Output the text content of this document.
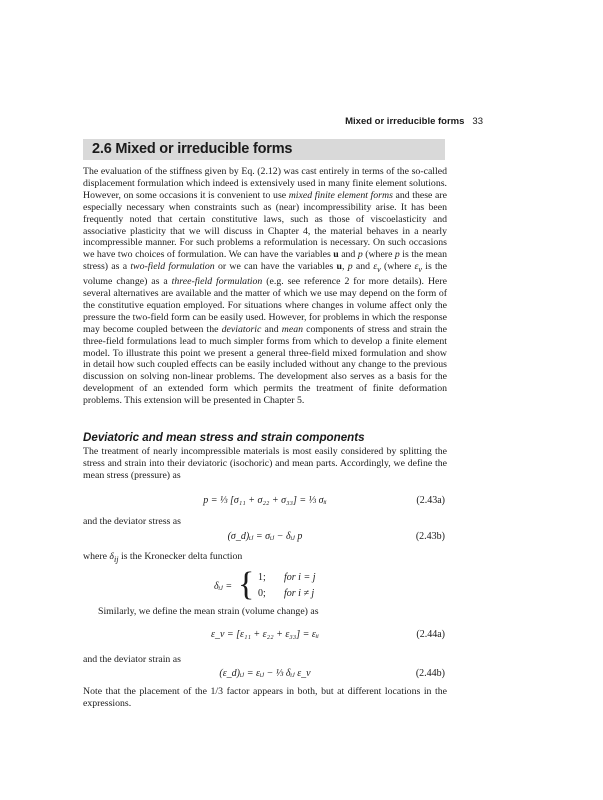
Mixed or irreducible forms 33
2.6 Mixed or irreducible forms

The evaluation of the stiffness given by Eq. (2.12) was cast entirely in terms of the so-called displacement formulation which indeed is extensively used in many finite element solutions. However, on some occasions it is convenient to use mixed finite element forms and these are especially necessary when constraints such as (near) incompressibility arise. It has been frequently noted that certain constitutive laws, such as those of viscoelasticity and associative plasticity that we will discuss in Chapter 4, the material behaves in a nearly incompressible manner. For such problems a reformulation is necessary. On such occasions we have two choices of formulation. We can have the variables u and p (where p is the mean stress) as a two-field formulation or we can have the variables u, p and $\varepsilon_v$ (where $\varepsilon_v$ is the volume change) as a three-field formulation (e.g. see reference 2 for more details). Here several alternatives are available and the matter of which we use may depend on the form of the constitutive equation employed. For situations where changes in volume affect only the pressure the two-field form can be easily used. However, for problems in which the response may become coupled between the deviatoric and mean components of stress and strain the three-field formulations lead to much simpler forms from which to develop a finite element model. To illustrate this point we present a general three-field mixed formulation and show in detail how such coupled effects can be easily included without any change to the previous discussion on solving non-linear problems. The development also serves as a basis for the development of an extended form which permits the treatment of finite deformation problems. This extension will be presented in Chapter 5.

Deviatoric and mean stress and strain components

The treatment of nearly incompressible materials is most easily considered by splitting the stress and strain into their deviatoric (isochoric) and mean parts. Accordingly, we define the mean stress (pressure) as

p = ⅓ [σ₁₁ + σ₂₂ + σ₃₃] = ⅓ σᵢᵢ	(2.43a)
and the deviator stress as
(σ_d)ᵢⱼ = σᵢⱼ − δᵢⱼ p	(2.43b)
where $\delta_{ij}$ is the Kronecker delta function
δᵢⱼ = { 1; for i = j
0; for i ≠ j
Similarly, we define the mean strain (volume change) as
ε_v = [ε₁₁ + ε₂₂ + ε₃₃] = εᵢᵢ	(2.44a)
and the deviator strain as
(ε_d)ᵢⱼ = εᵢⱼ − ⅓ δᵢⱼ ε_v	(2.44b)

Note that the placement of the 1/3 factor appears in both, but at different locations in the expressions.
